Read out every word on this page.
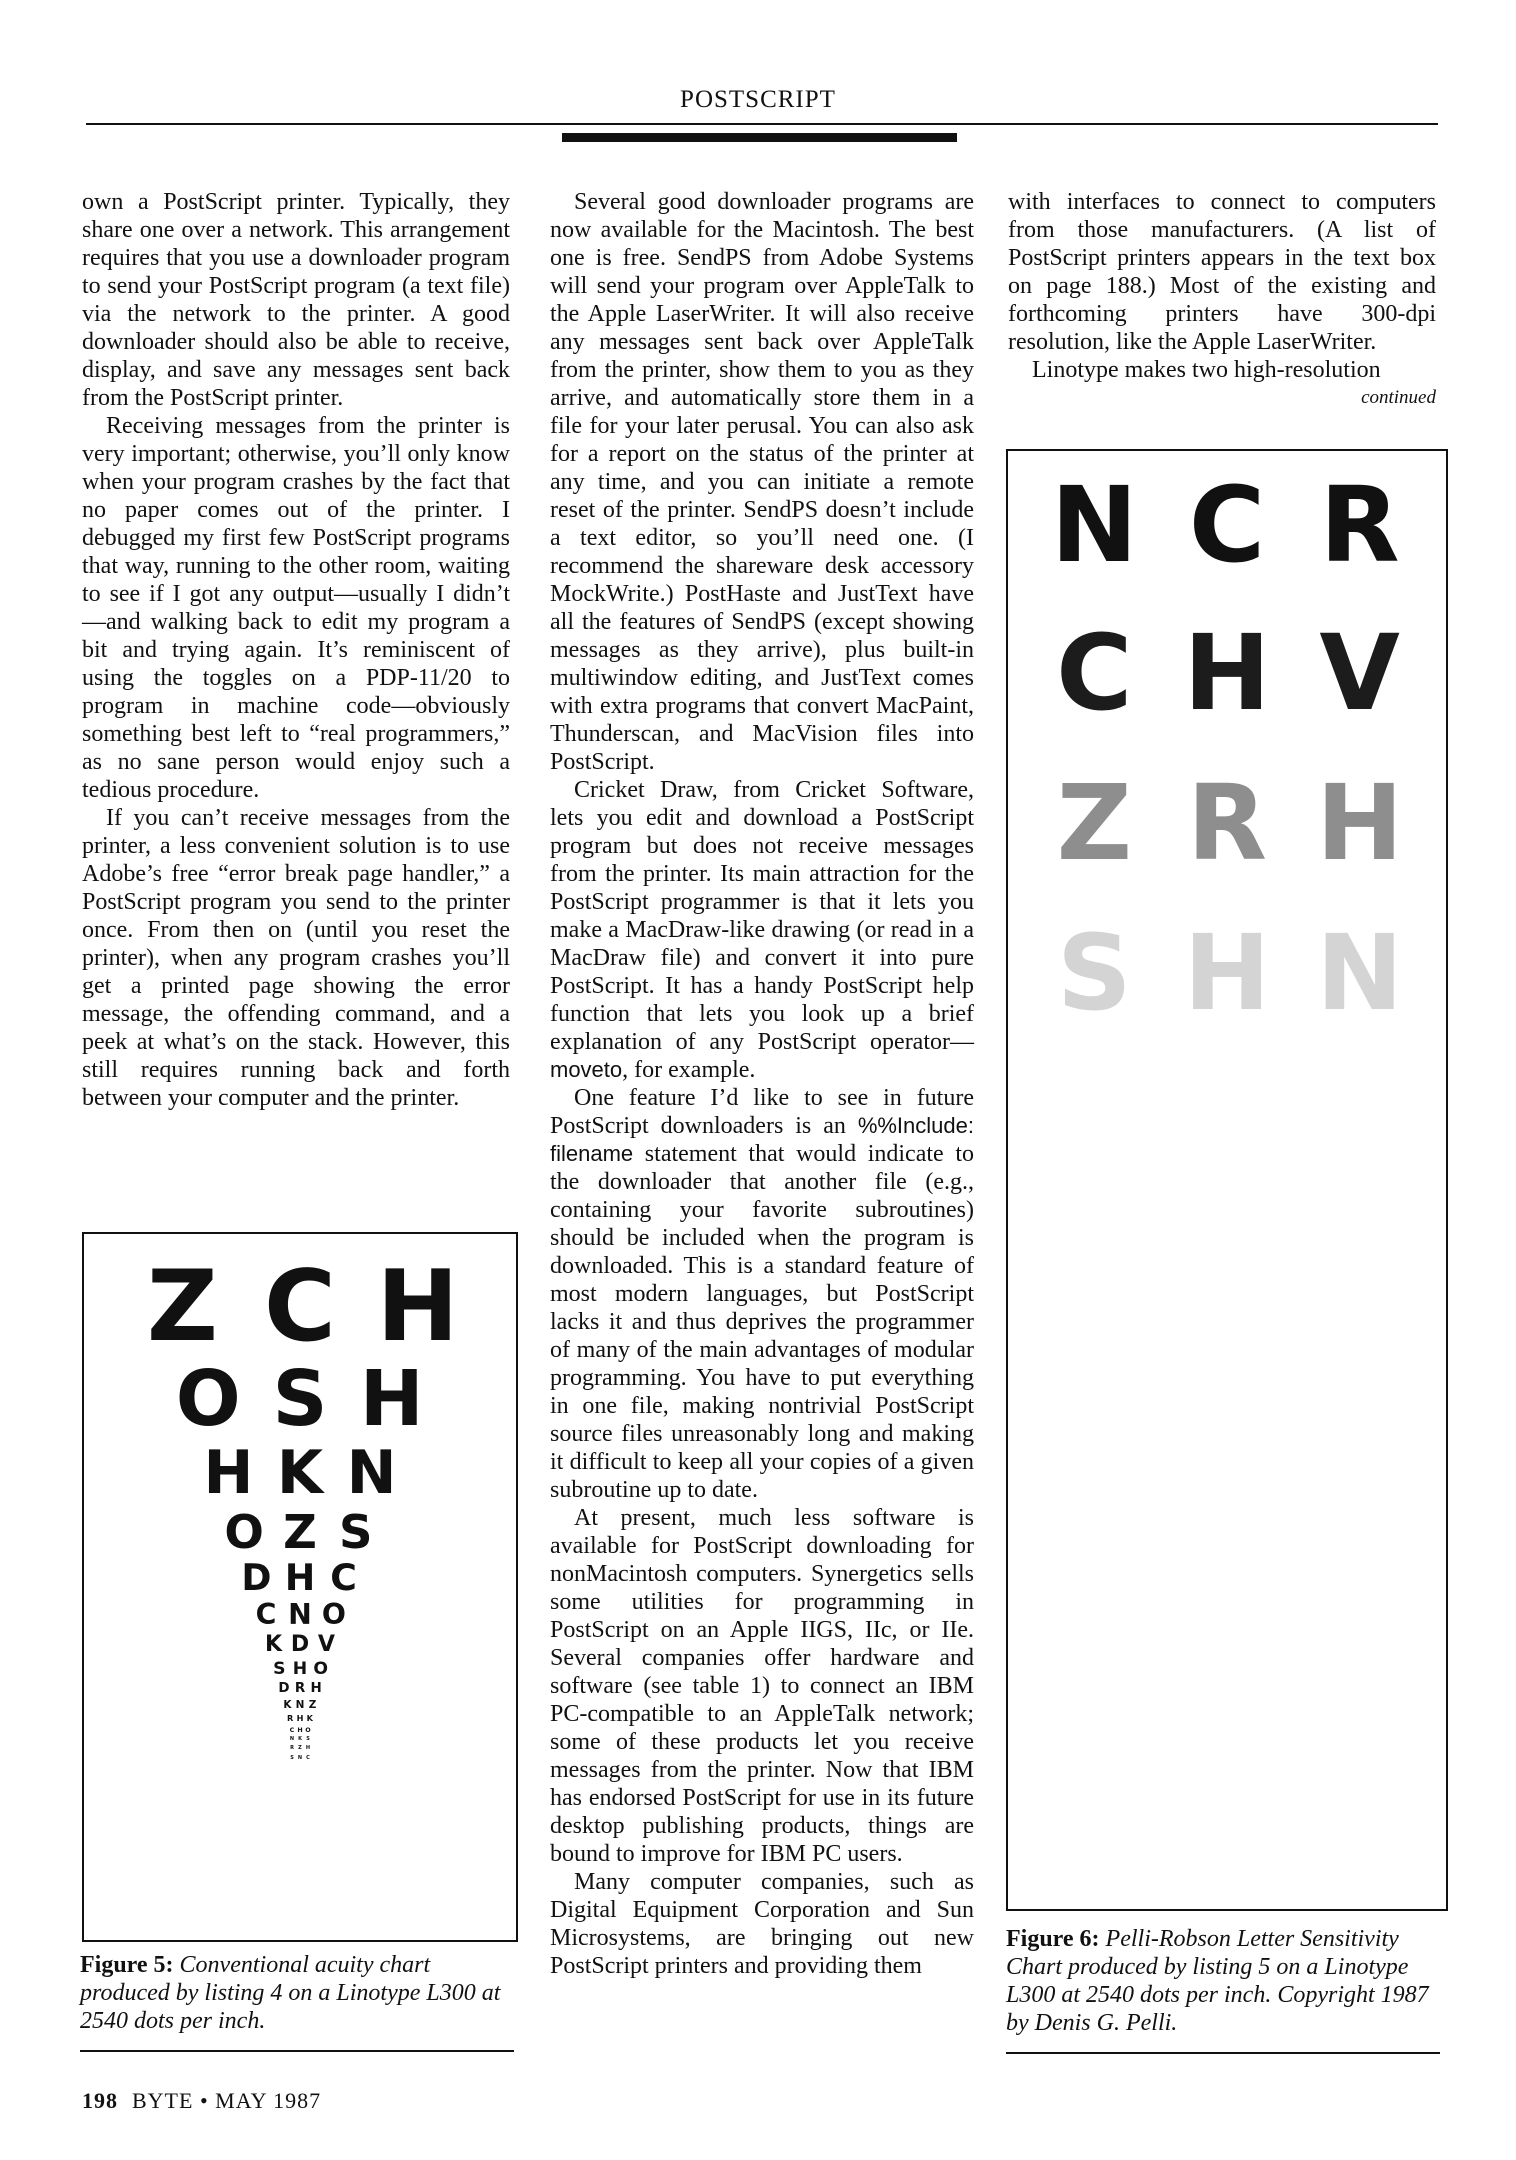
POSTSCRIPT

own a PostScript printer. Typically, they share one over a network. This arrangement requires that you use a downloader program to send your PostScript program (a text file) via the network to the printer. A good downloader should also be able to receive, display, and save any messages sent back from the PostScript printer.

Receiving messages from the printer is very important; otherwise, you’ll only know when your program crashes by the fact that no paper comes out of the printer. I debugged my first few PostScript programs that way, running to the other room, waiting to see if I got any output—usually I didn’t—and walking back to edit my program a bit and trying again. It’s reminiscent of using the toggles on a PDP-11/20 to program in machine code—obviously something best left to “real programmers,” as no sane person would enjoy such a tedious procedure.

If you can’t receive messages from the printer, a less convenient solution is to use Adobe’s free “error break page handler,” a PostScript program you send to the printer once. From then on (until you reset the printer), when any program crashes you’ll get a printed page showing the error message, the offending command, and a peek at what’s on the stack. However, this still requires running back and forth between your computer and the printer.

Z C H
O S H
H K N
O Z S
D H C
C N O
K D V
S H O
D R H
K N Z
R H K
C H O
N K S
R Z H
S N C
Figure 5: Conventional acuity chart produced by listing 4 on a Linotype L300 at 2540 dots per inch.

Several good downloader programs are now available for the Macintosh. The best one is free. SendPS from Adobe Systems will send your program over AppleTalk to the Apple LaserWriter. It will also receive any messages sent back over AppleTalk from the printer, show them to you as they arrive, and automatically store them in a file for your later perusal. You can also ask for a report on the status of the printer at any time, and you can initiate a remote reset of the printer. SendPS doesn’t include a text editor, so you’ll need one. (I recommend the shareware desk accessory MockWrite.) PostHaste and JustText have all the features of SendPS (except showing messages as they arrive), plus built-in multiwindow editing, and JustText comes with extra programs that convert MacPaint, Thunderscan, and MacVision files into PostScript.

Cricket Draw, from Cricket Software, lets you edit and download a PostScript program but does not receive messages from the printer. Its main attraction for the PostScript programmer is that it lets you make a MacDraw-like drawing (or read in a MacDraw file) and convert it into pure PostScript. It has a handy PostScript help function that lets you look up a brief explanation of any PostScript operator—moveto, for example.

One feature I’d like to see in future PostScript downloaders is an %%Include: filename statement that would indicate to the downloader that another file (e.g., containing your favorite subroutines) should be included when the program is downloaded. This is a standard feature of most modern languages, but PostScript lacks it and thus deprives the programmer of many of the main advantages of modular programming. You have to put everything in one file, making nontrivial PostScript source files unreasonably long and making it difficult to keep all your copies of a given subroutine up to date.

At present, much less software is available for PostScript downloading for nonMacintosh computers. Synergetics sells some utilities for programming in PostScript on an Apple IIGS, IIc, or IIe. Several companies offer hardware and software (see table 1) to connect an IBM PC-compatible to an AppleTalk network; some of these products let you receive messages from the printer. Now that IBM has endorsed PostScript for use in its future desktop publishing products, things are bound to improve for IBM PC users.

Many computer companies, such as Digital Equipment Corporation and Sun Microsystems, are bringing out new PostScript printers and providing them

with interfaces to connect to computers from those manufacturers. (A list of PostScript printers appears in the text box on page 188.) Most of the existing and forthcoming printers have 300-dpi resolution, like the Apple LaserWriter.

Linotype makes two high-resolution

continued
N C R
C H V
Z R H
S H N
Figure 6: Pelli-Robson Letter Sensitivity Chart produced by listing 5 on a Linotype L300 at 2540 dots per inch. Copyright 1987 by Denis G. Pelli.
198 BYTE • MAY 1987
